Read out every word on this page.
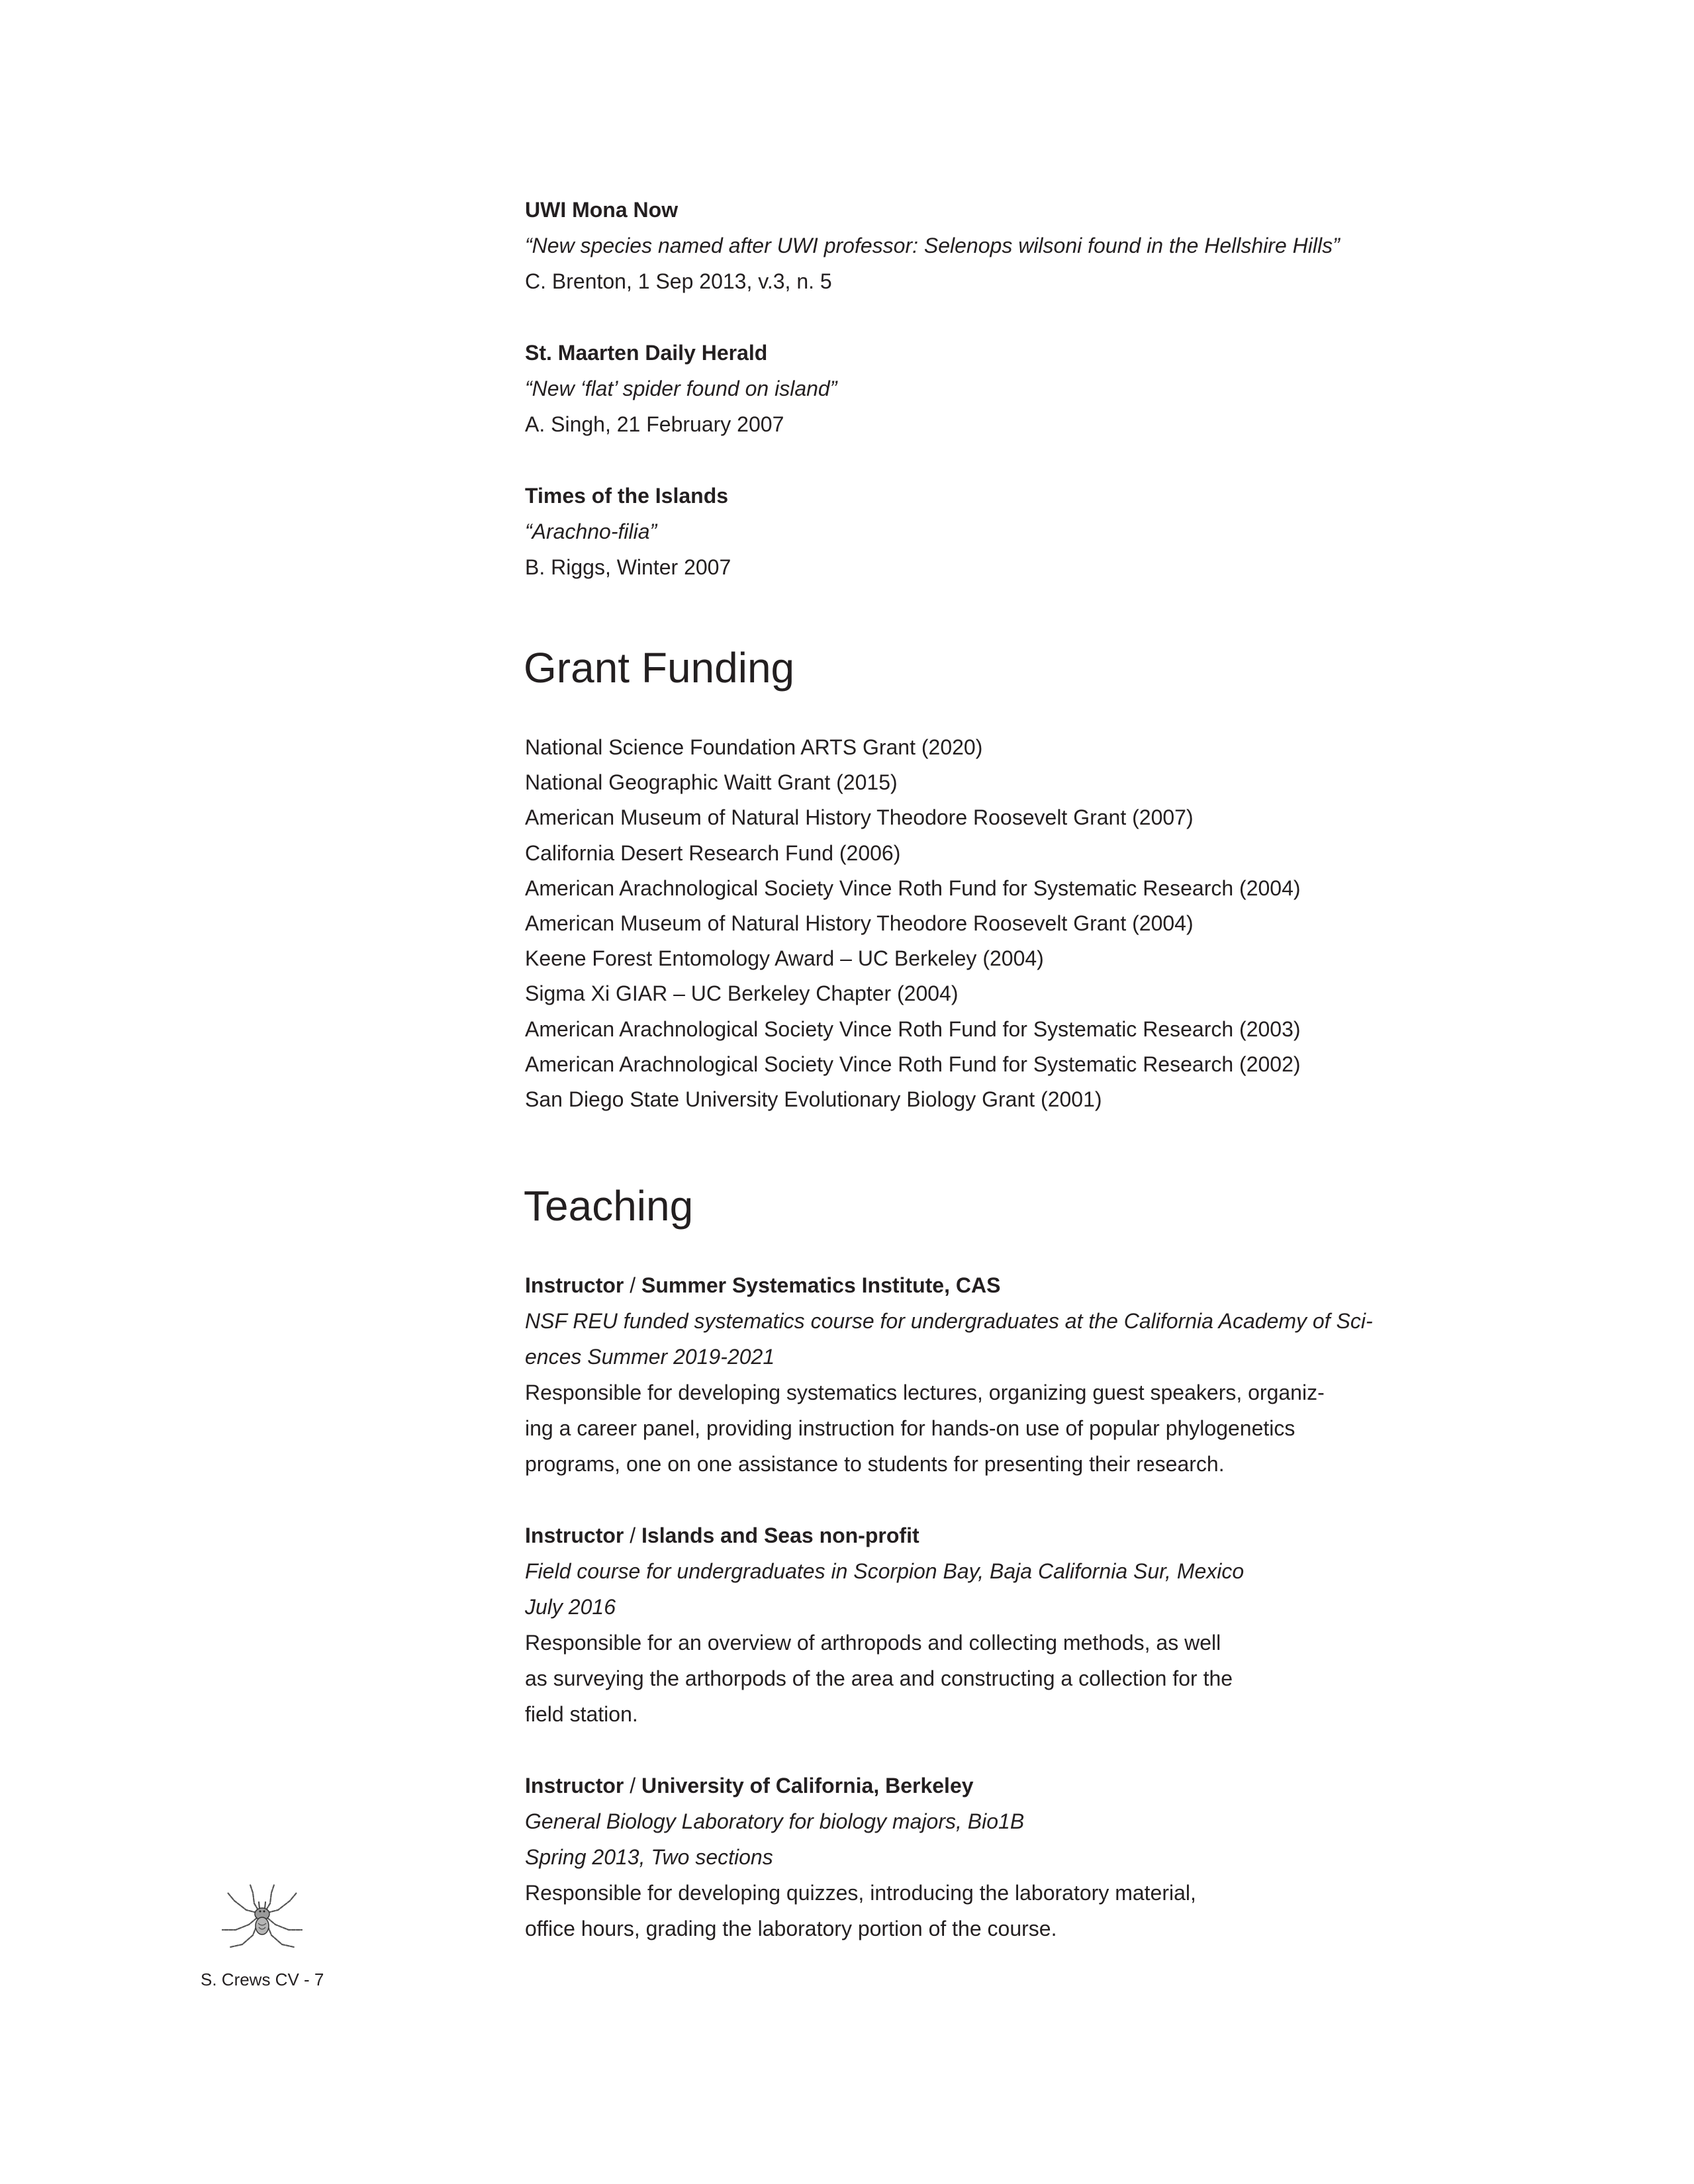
UWI Mona Now
“New species named after UWI professor: Selenops wilsoni found in the Hellshire Hills”
C. Brenton, 1 Sep 2013, v.3, n. 5
St. Maarten Daily Herald
“New ‘flat’ spider found on island”
A. Singh, 21 February 2007
Times of the Islands
“Arachno-filia”
B. Riggs, Winter 2007
Grant Funding
National Science Foundation ARTS Grant (2020)
National Geographic Waitt Grant (2015)
American Museum of Natural History Theodore Roosevelt Grant (2007)
California Desert Research Fund (2006)
American Arachnological Society Vince Roth Fund for Systematic Research (2004)
American Museum of Natural History Theodore Roosevelt Grant (2004)
Keene Forest Entomology Award – UC Berkeley (2004)
Sigma Xi GIAR – UC Berkeley Chapter (2004)
American Arachnological Society Vince Roth Fund for Systematic Research (2003)
American Arachnological Society Vince Roth Fund for Systematic Research (2002)
San Diego State University Evolutionary Biology Grant (2001)
Teaching
Instructor / Summer Systematics Institute, CAS
NSF REU funded systematics course for undergraduates at the California Academy of Sci-
ences Summer 2019-2021
Responsible for developing systematics lectures, organizing guest speakers, organiz-
ing a career panel, providing instruction for hands-on use of popular phylogenetics
programs, one on one assistance to students for presenting their research.
Instructor / Islands and Seas non-profit
Field course for undergraduates in Scorpion Bay, Baja California Sur, Mexico
July 2016
Responsible for an overview of arthropods and collecting methods, as well
as surveying the arthorpods of the area and constructing a collection for the
field station.
Instructor / University of California, Berkeley
General Biology Laboratory for biology majors, Bio1B
Spring 2013, Two sections
Responsible for developing quizzes, introducing the laboratory material,
office hours, grading the laboratory portion of the course.
S. Crews CV - 7
